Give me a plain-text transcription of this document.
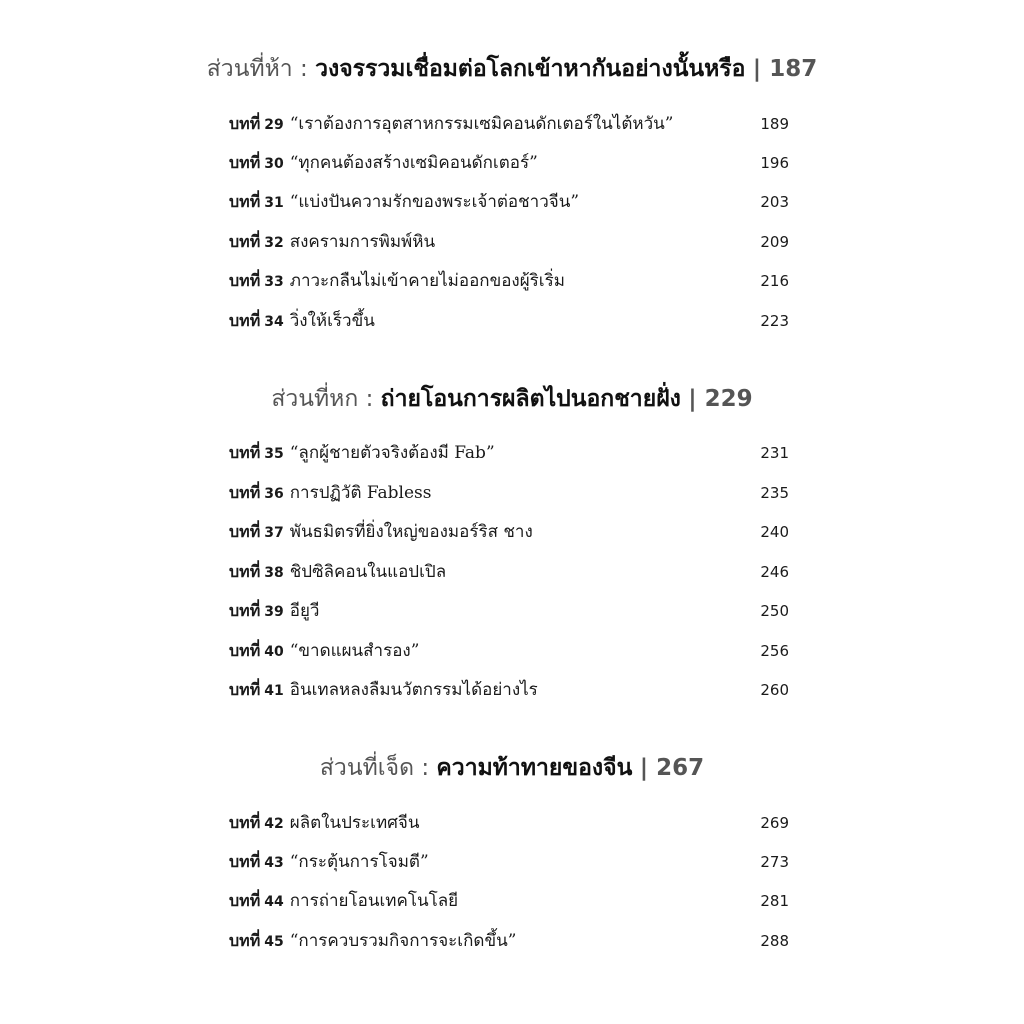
ส่วนที่ห้า : วงจรรวมเชื่อมต่อโลกเข้าหากันอย่างนั้นหรือ | 187
บทที่ 29 “เราต้องการอุตสาหกรรมเซมิคอนดักเตอร์ในไต้หวัน”	189
บทที่ 30 “ทุกคนต้องสร้างเซมิคอนดักเตอร์”	196
บทที่ 31 “แบ่งปันความรักของพระเจ้าต่อชาวจีน”	203
บทที่ 32 สงครามการพิมพ์หิน	209
บทที่ 33 ภาวะกลืนไม่เข้าคายไม่ออกของผู้ริเริ่ม	216
บทที่ 34 วิ่งให้เร็วขึ้น	223
ส่วนที่หก : ถ่ายโอนการผลิตไปนอกชายฝั่ง | 229
บทที่ 35 “ลูกผู้ชายตัวจริงต้องมี Fab”	231
บทที่ 36 การปฏิวัติ Fabless	235
บทที่ 37 พันธมิตรที่ยิ่งใหญ่ของมอร์ริส ชาง	240
บทที่ 38 ชิปซิลิคอนในแอปเปิล	246
บทที่ 39 อียูวี	250
บทที่ 40 “ขาดแผนสำรอง”	256
บทที่ 41 อินเทลหลงลืมนวัตกรรมได้อย่างไร	260
ส่วนที่เจ็ด : ความท้าทายของจีน | 267
บทที่ 42 ผลิตในประเทศจีน	269
บทที่ 43 “กระตุ้นการโจมตี”	273
บทที่ 44 การถ่ายโอนเทคโนโลยี	281
บทที่ 45 “การควบรวมกิจการจะเกิดขึ้น”	288
